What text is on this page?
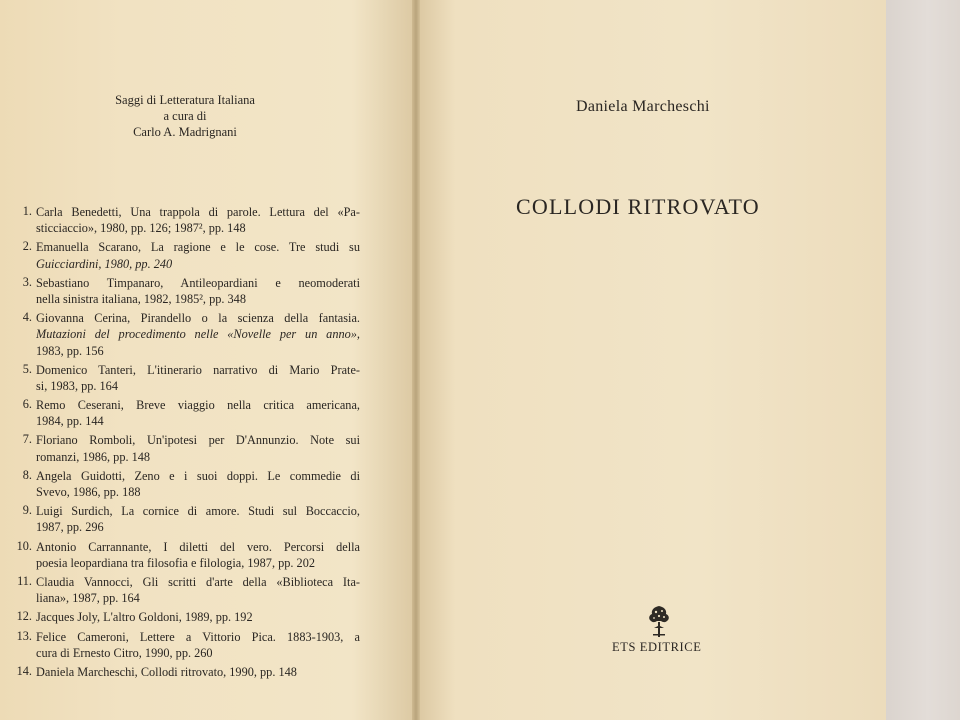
Saggi di Letteratura Italiana
a cura di
Carlo A. Madrignani
1. Carla Benedetti, Una trappola di parole. Lettura del «Pa-
sticciaccio», 1980, pp. 126; 1987², pp. 148
2. Emanuella Scarano, La ragione e le cose. Tre studi su
Guicciardini, 1980, pp. 240
3. Sebastiano Timpanaro, Antileopardiani e neomoderati
nella sinistra italiana, 1982, 1985², pp. 348
4. Giovanna Cerina, Pirandello o la scienza della fantasia.
Mutazioni del procedimento nelle «Novelle per un anno»,
1983, pp. 156
5. Domenico Tanteri, L'itinerario narrativo di Mario Prate-
si, 1983, pp. 164
6. Remo Ceserani, Breve viaggio nella critica americana,
1984, pp. 144
7. Floriano Romboli, Un'ipotesi per D'Annunzio. Note sui
romanzi, 1986, pp. 148
8. Angela Guidotti, Zeno e i suoi doppi. Le commedie di
Svevo, 1986, pp. 188
9. Luigi Surdich, La cornice di amore. Studi sul Boccaccio,
1987, pp. 296
10. Antonio Carrannante, I diletti del vero. Percorsi della
poesia leopardiana tra filosofia e filologia, 1987, pp. 202
11. Claudia Vannocci, Gli scritti d'arte della «Biblioteca Ita-
liana», 1987, pp. 164
12. Jacques Joly, L'altro Goldoni, 1989, pp. 192
13. Felice Cameroni, Lettere a Vittorio Pica. 1883-1903, a
cura di Ernesto Citro, 1990, pp. 260
14. Daniela Marcheschi, Collodi ritrovato, 1990, pp. 148
Daniela Marcheschi
COLLODI RITROVATO
ETS EDITRICE
